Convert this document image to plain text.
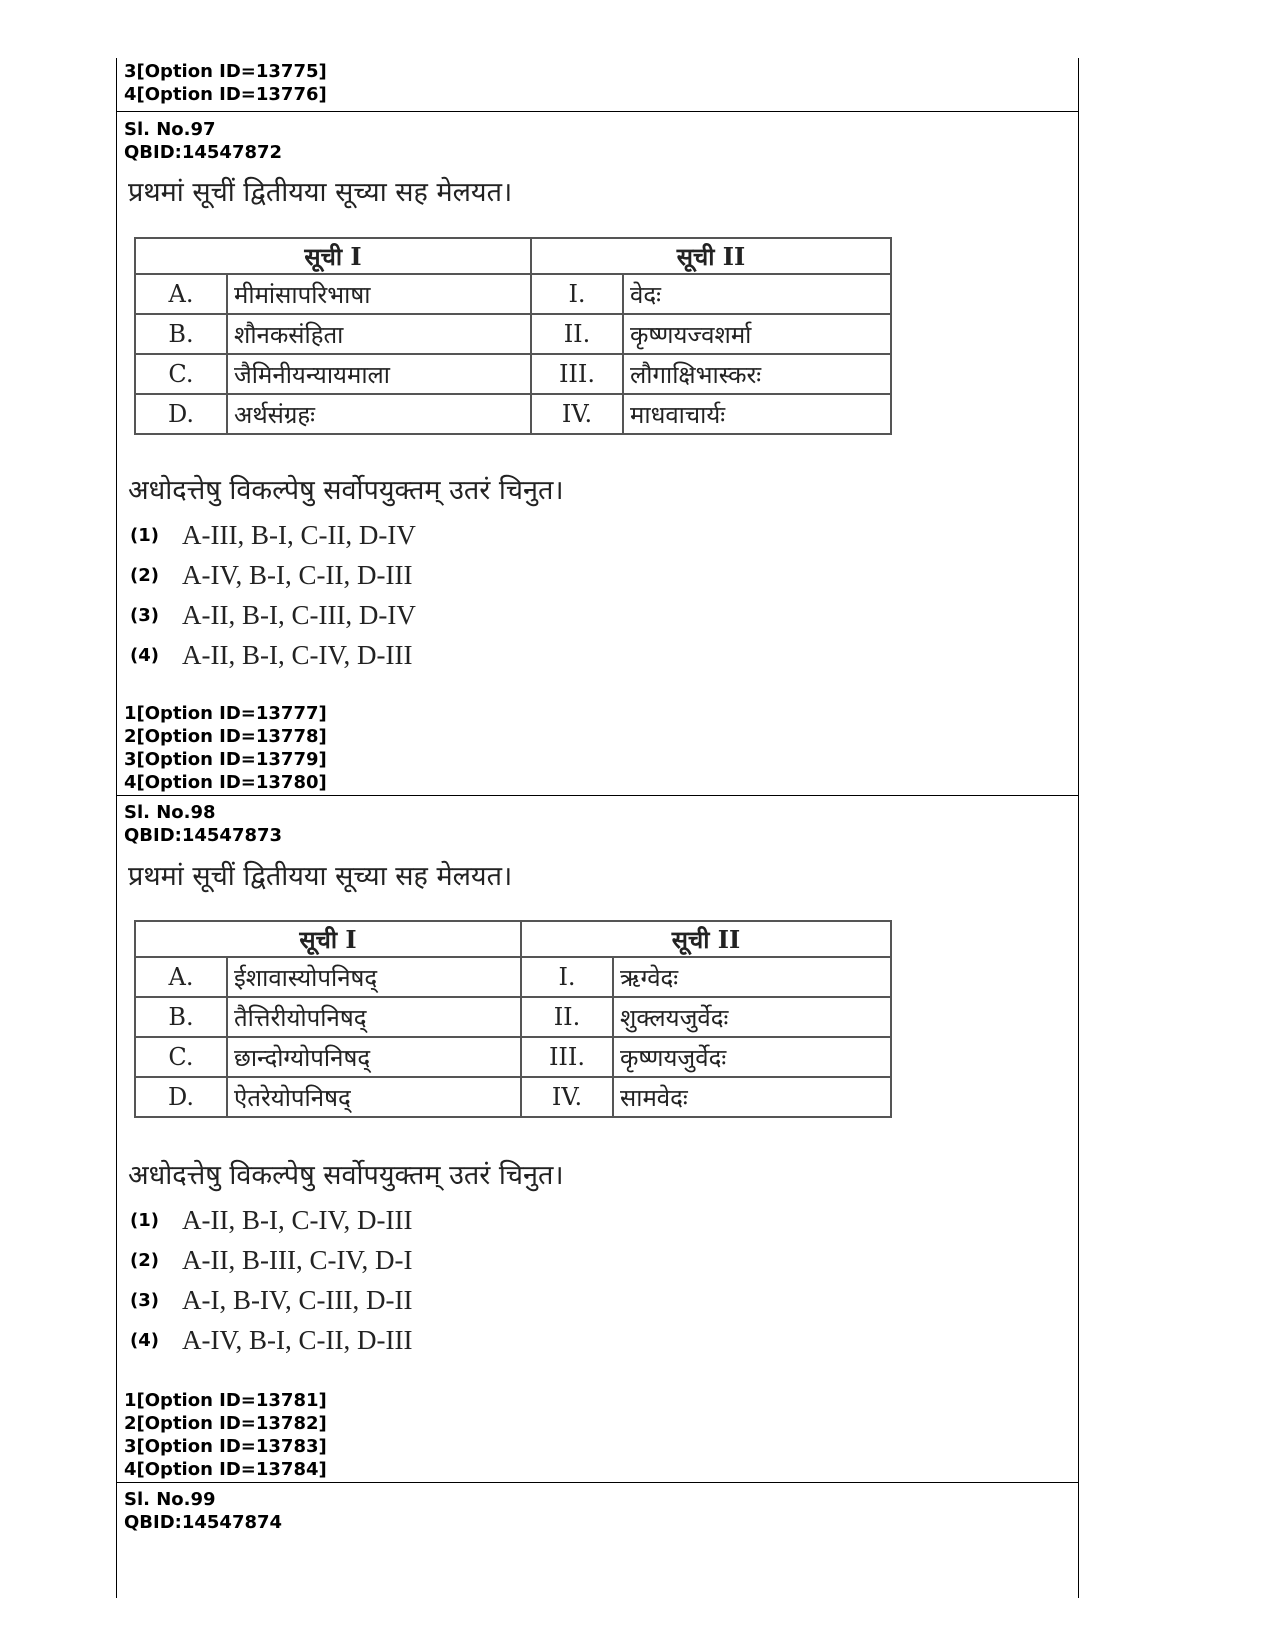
3[Option ID=13775]
4[Option ID=13776]
Sl. No.97
QBID:14547872
प्रथमां सूचीं द्वितीयया सूच्या सह मेलयत।
सूची I		सूची II	
A.	मीमांसापरिभाषा	I.	वेदः
B.	शौनकसंहिता	II.	कृष्णयज्वशर्मा
C.	जैमिनीयन्यायमाला	III.	लौगाक्षिभास्करः
D.	अर्थसंग्रहः	IV.	माधवाचार्यः
अधोदत्तेषु विकल्पेषु सर्वोपयुक्तम् उतरं चिनुत।
(1) A-III, B-I, C-II, D-IV
(2) A-IV, B-I, C-II, D-III
(3) A-II, B-I, C-III, D-IV
(4) A-II, B-I, C-IV, D-III
1[Option ID=13777]
2[Option ID=13778]
3[Option ID=13779]
4[Option ID=13780]
Sl. No.98
QBID:14547873
प्रथमां सूचीं द्वितीयया सूच्या सह मेलयत।
सूची I		सूची II	
A.	ईशावास्योपनिषद्	I.	ऋग्वेदः
B.	तैत्तिरीयोपनिषद्	II.	शुक्लयजुर्वेदः
C.	छान्दोग्योपनिषद्	III.	कृष्णयजुर्वेदः
D.	ऐतरेयोपनिषद्	IV.	सामवेदः
अधोदत्तेषु विकल्पेषु सर्वोपयुक्तम् उतरं चिनुत।
(1) A-II, B-I, C-IV, D-III
(2) A-II, B-III, C-IV, D-I
(3) A-I, B-IV, C-III, D-II
(4) A-IV, B-I, C-II, D-III
1[Option ID=13781]
2[Option ID=13782]
3[Option ID=13783]
4[Option ID=13784]
Sl. No.99
QBID:14547874
